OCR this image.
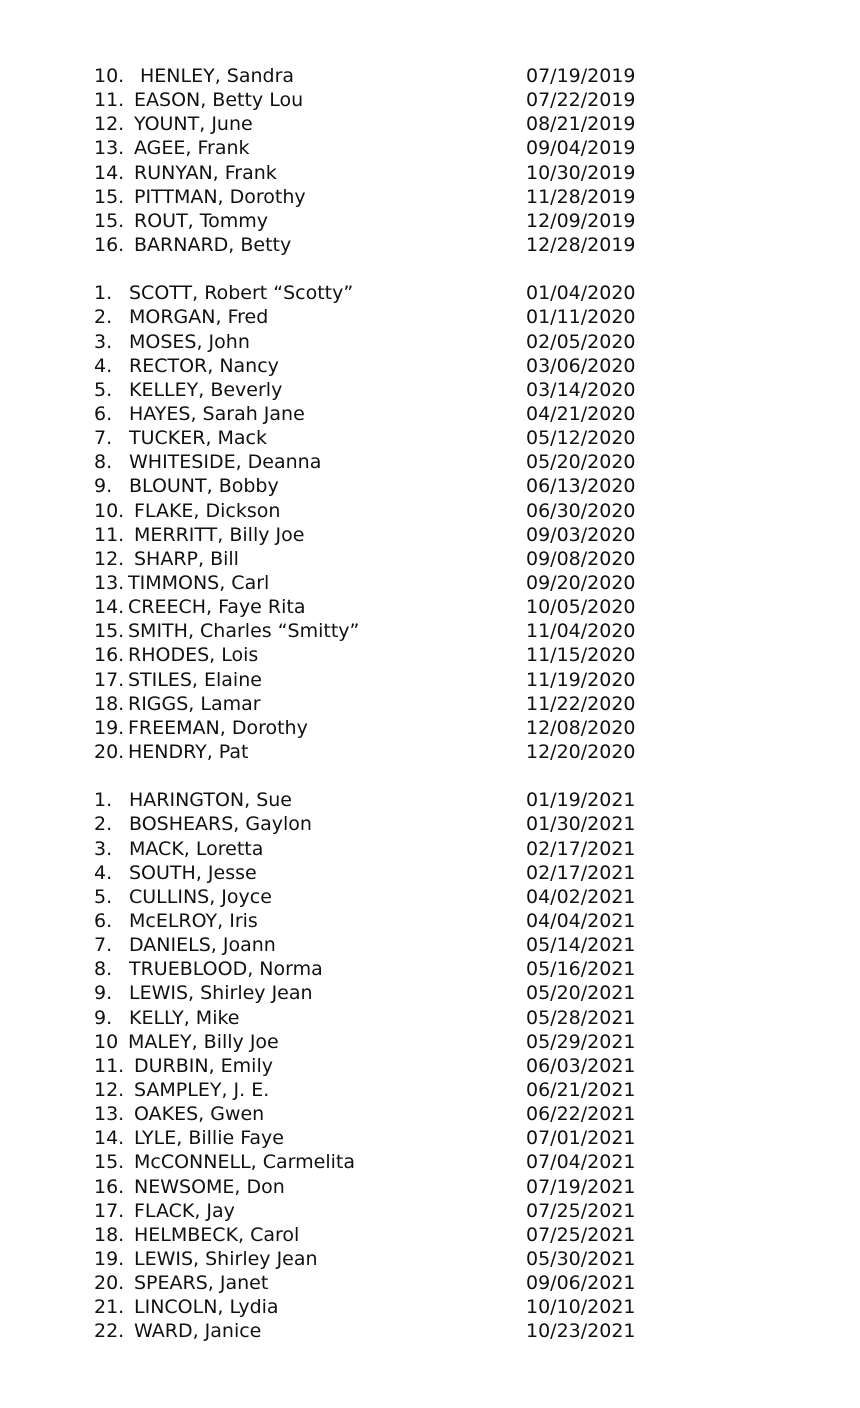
10. HENLEY, Sandra	07/19/2019
11. EASON, Betty Lou	07/22/2019
12. YOUNT, June	08/21/2019
13. AGEE, Frank	09/04/2019
14. RUNYAN, Frank	10/30/2019
15. PITTMAN, Dorothy	11/28/2019
15. ROUT, Tommy	12/09/2019
16. BARNARD, Betty	12/28/2019
1. SCOTT, Robert “Scotty”	01/04/2020
2. MORGAN, Fred	01/11/2020
3. MOSES, John	02/05/2020
4. RECTOR, Nancy	03/06/2020
5. KELLEY, Beverly	03/14/2020
6. HAYES, Sarah Jane	04/21/2020
7. TUCKER, Mack	05/12/2020
8. WHITESIDE, Deanna	05/20/2020
9. BLOUNT, Bobby	06/13/2020
10. FLAKE, Dickson	06/30/2020
11. MERRITT, Billy Joe	09/03/2020
12. SHARP, Bill	09/08/2020
13. TIMMONS, Carl	09/20/2020
14. CREECH, Faye Rita	10/05/2020
15. SMITH, Charles “Smitty”	11/04/2020
16. RHODES, Lois	11/15/2020
17. STILES, Elaine	11/19/2020
18. RIGGS, Lamar	11/22/2020
19. FREEMAN, Dorothy	12/08/2020
20. HENDRY, Pat	12/20/2020
1. HARINGTON, Sue	01/19/2021
2. BOSHEARS, Gaylon	01/30/2021
3. MACK, Loretta	02/17/2021
4. SOUTH, Jesse	02/17/2021
5. CULLINS, Joyce	04/02/2021
6. McELROY, Iris	04/04/2021
7. DANIELS, Joann	05/14/2021
8. TRUEBLOOD, Norma	05/16/2021
9. LEWIS, Shirley Jean	05/20/2021
9. KELLY, Mike	05/28/2021
10 MALEY, Billy Joe	05/29/2021
11. DURBIN, Emily	06/03/2021
12. SAMPLEY, J. E.	06/21/2021
13. OAKES, Gwen	06/22/2021
14. LYLE, Billie Faye	07/01/2021
15. McCONNELL, Carmelita	07/04/2021
16. NEWSOME, Don	07/19/2021
17. FLACK, Jay	07/25/2021
18. HELMBECK, Carol	07/25/2021
19. LEWIS, Shirley Jean	05/30/2021
20. SPEARS, Janet	09/06/2021
21. LINCOLN, Lydia	10/10/2021
22. WARD, Janice	10/23/2021
